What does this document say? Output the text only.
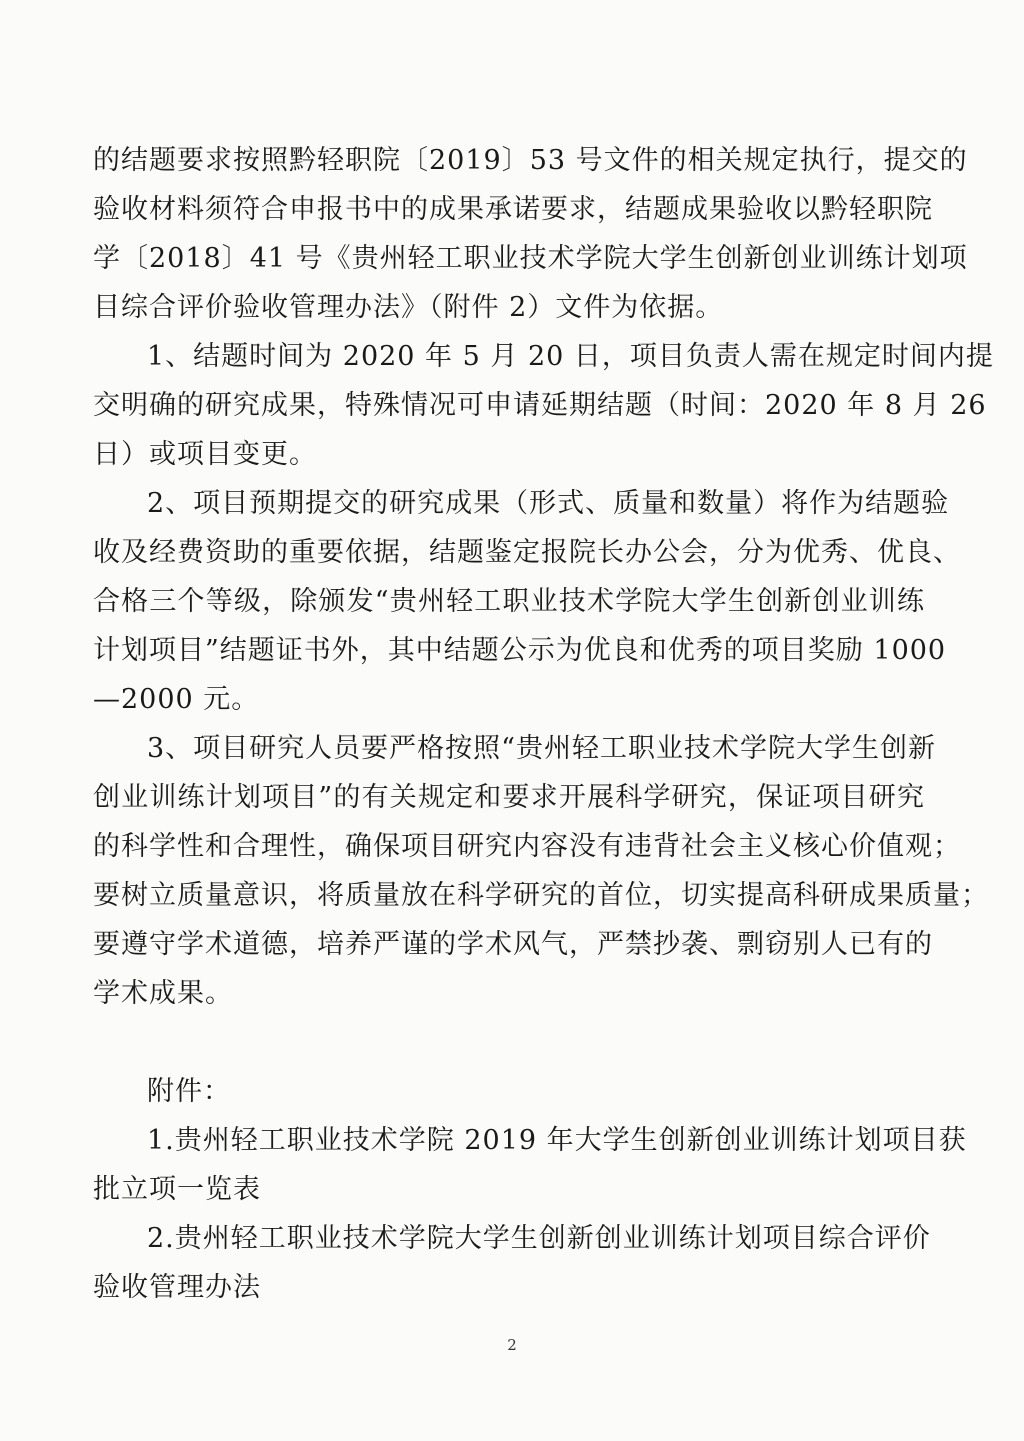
的结题要求按照黔轻职院〔2019〕53 号文件的相关规定执行，提交的
验收材料须符合申报书中的成果承诺要求，结题成果验收以黔轻职院
学〔2018〕41 号《贵州轻工职业技术学院大学生创新创业训练计划项
目综合评价验收管理办法》（附件 2）文件为依据。
1、结题时间为 2020 年 5 月 20 日，项目负责人需在规定时间内提
交明确的研究成果，特殊情况可申请延期结题（时间：2020 年 8 月 26
日）或项目变更。
2、项目预期提交的研究成果（形式、质量和数量）将作为结题验
收及经费资助的重要依据，结题鉴定报院长办公会，分为优秀、优良、
合格三个等级，除颁发“贵州轻工职业技术学院大学生创新创业训练
计划项目”结题证书外，其中结题公示为优良和优秀的项目奖励 1000
—2000 元。
3、项目研究人员要严格按照“贵州轻工职业技术学院大学生创新
创业训练计划项目”的有关规定和要求开展科学研究，保证项目研究
的科学性和合理性，确保项目研究内容没有违背社会主义核心价值观；
要树立质量意识，将质量放在科学研究的首位，切实提高科研成果质量；
要遵守学术道德，培养严谨的学术风气，严禁抄袭、剽窃别人已有的
学术成果。
附件：
1.贵州轻工职业技术学院 2019 年大学生创新创业训练计划项目获
批立项一览表
2.贵州轻工职业技术学院大学生创新创业训练计划项目综合评价
验收管理办法
2
